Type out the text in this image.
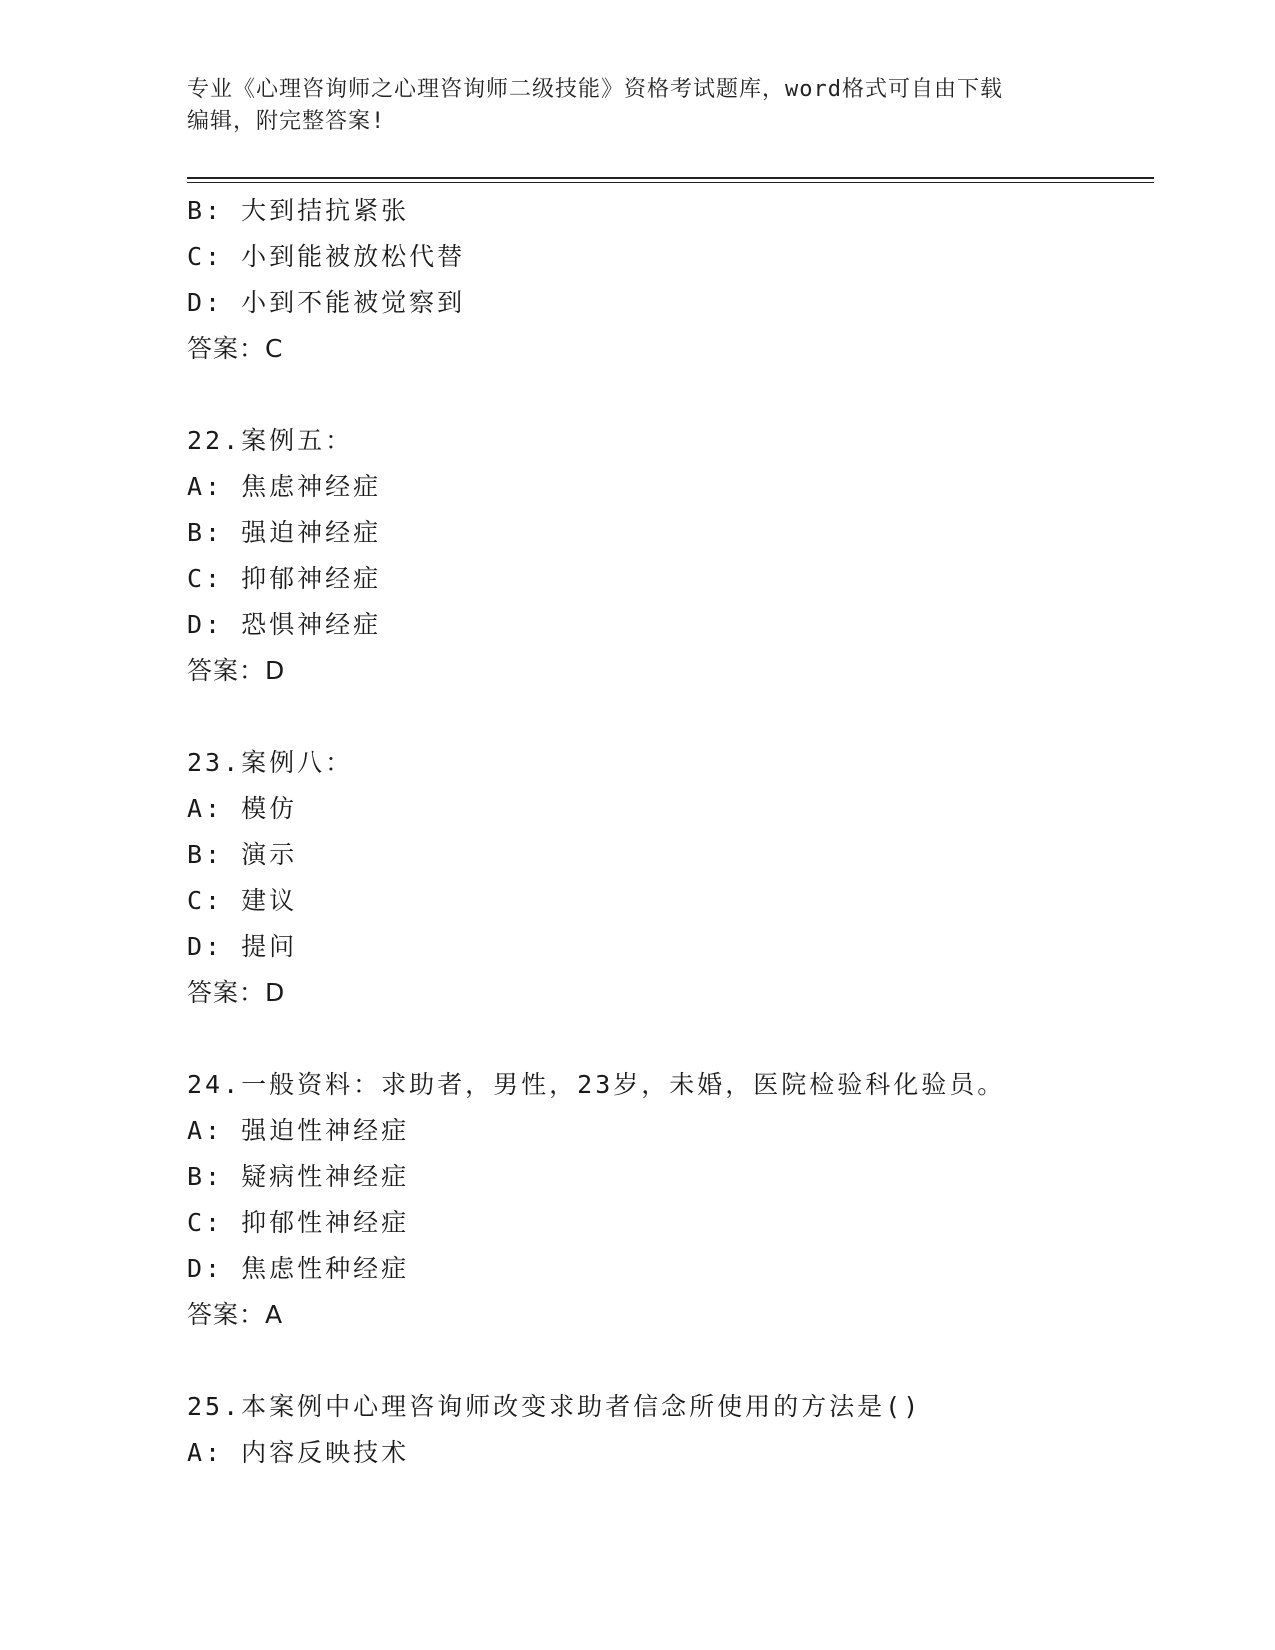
专业《心理咨询师之心理咨询师二级技能》资格考试题库，word格式可自由下载
编辑，附完整答案!
B: 大到拮抗紧张
C: 小到能被放松代替
D: 小到不能被觉察到
答案：C
22.案例五：
A: 焦虑神经症
B: 强迫神经症
C: 抑郁神经症
D: 恐惧神经症
答案：D
23.案例八：
A: 模仿
B: 演示
C: 建议
D: 提问
答案：D
24.一般资料：求助者，男性，23岁，未婚，医院检验科化验员。
A: 强迫性神经症
B: 疑病性神经症
C: 抑郁性神经症
D: 焦虑性种经症
答案：A
25.本案例中心理咨询师改变求助者信念所使用的方法是()
A: 内容反映技术
